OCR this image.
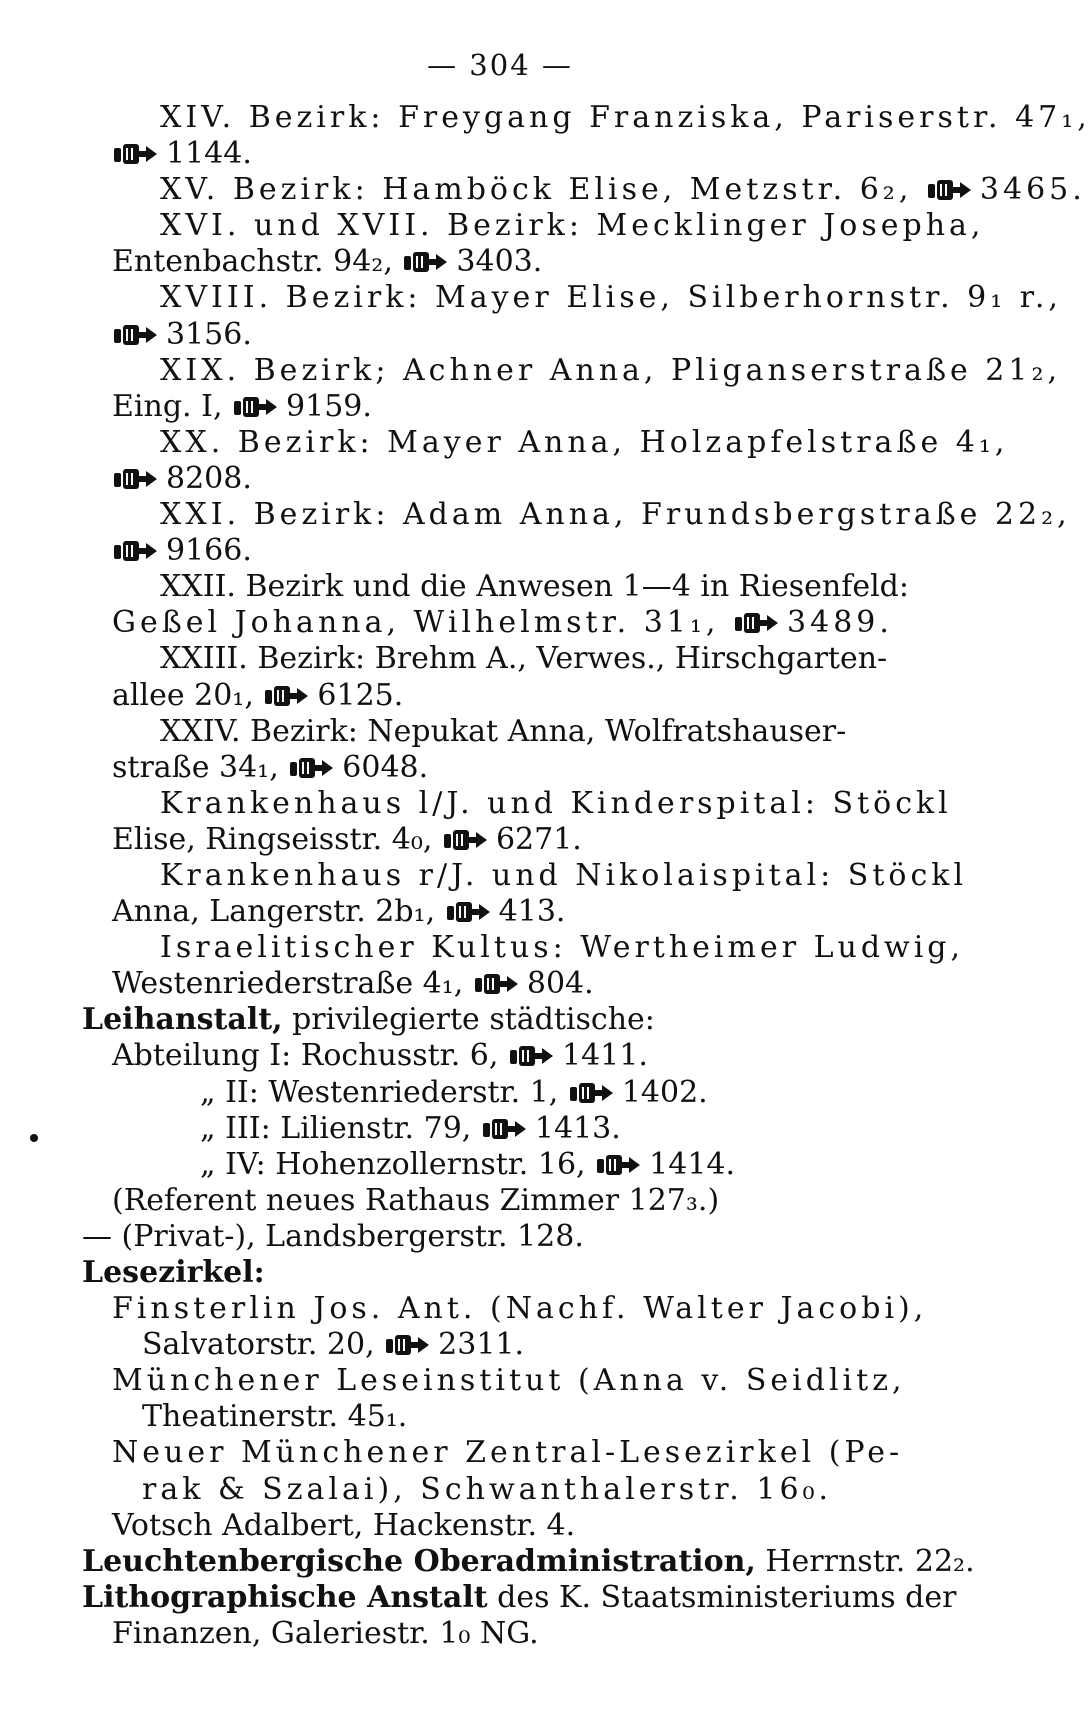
— 304 —
XIV. Bezirk: Freygang Franziska, Pariserstr. 47₁,
1144.
XV. Bezirk: Hamböck Elise, Metzstr. 6₂, 3465.
XVI. und XVII. Bezirk: Mecklinger Josepha,
Entenbachstr. 94₂, 3403.
XVIII. Bezirk: Mayer Elise, Silberhornstr. 9₁ r.,
3156.
XIX. Bezirk; Achner Anna, Pliganserstraße 21₂,
Eing. I, 9159.
XX. Bezirk: Mayer Anna, Holzapfelstraße 4₁,
8208.
XXI. Bezirk: Adam Anna, Frundsbergstraße 22₂,
9166.
XXII. Bezirk und die Anwesen 1—4 in Riesenfeld:
Geßel Johanna, Wilhelmstr. 31₁, 3489.
XXIII. Bezirk: Brehm A., Verwes., Hirschgarten-
allee 20₁, 6125.
XXIV. Bezirk: Nepukat Anna, Wolfratshauser-
straße 34₁, 6048.
Krankenhaus l/J. und Kinderspital: Stöckl
Elise, Ringseisstr. 4₀, 6271.
Krankenhaus r/J. und Nikolaispital: Stöckl
Anna, Langerstr. 2b₁, 413.
Israelitischer Kultus: Wertheimer Ludwig,
Westenriederstraße 4₁, 804.
Leihanstalt, privilegierte städtische:
Abteilung I: Rochusstr. 6, 1411.
„ II: Westenriederstr. 1, 1402.
„ III: Lilienstr. 79, 1413.
„ IV: Hohenzollernstr. 16, 1414.
(Referent neues Rathaus Zimmer 127₃.)
— (Privat-), Landsbergerstr. 128.
Lesezirkel:
Finsterlin Jos. Ant. (Nachf. Walter Jacobi),
Salvatorstr. 20, 2311.
Münchener Leseinstitut (Anna v. Seidlitz,
Theatinerstr. 45₁.
Neuer Münchener Zentral-Lesezirkel (Pe-
rak & Szalai), Schwanthalerstr. 16₀.
Votsch Adalbert, Hackenstr. 4.
Leuchtenbergische Oberadministration, Herrnstr. 22₂.
Lithographische Anstalt des K. Staatsministeriums der
Finanzen, Galeriestr. 1₀ NG.
